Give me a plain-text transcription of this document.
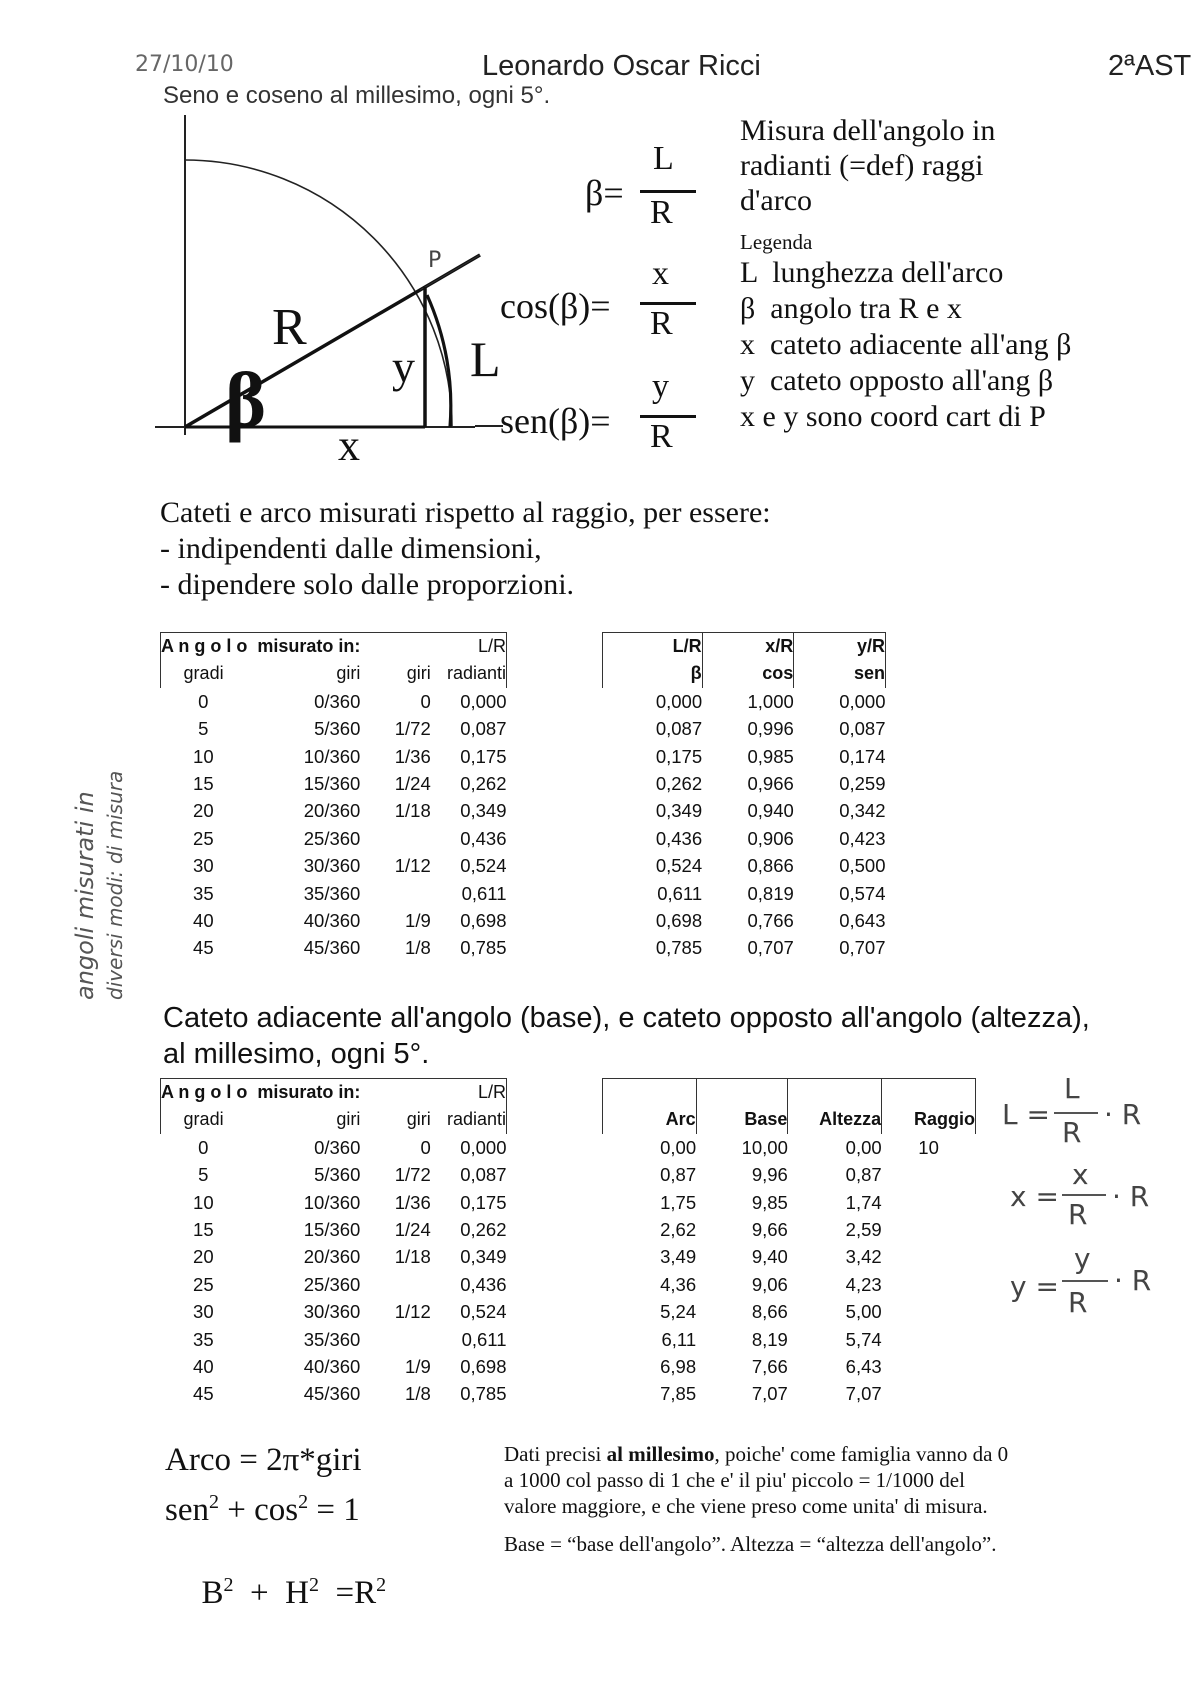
27/10/10	Leonardo Oscar Ricci	2ªAST
Seno e coseno al millesimo, ogni 5°.
R
β
x
y L
P
β=
L
R
cos(β)=
x
R
sen(β)=
y
R
Misura dell'angolo in
radianti (=def) raggi
d'arco
Legenda
L  lunghezza dell'arco
β  angolo tra R e x
x  cateto adiacente all'ang β
y  cateto opposto all'ang β
x e y sono coord cart di P
Cateti e arco misurati rispetto al raggio, per essere:
- indipendenti dalle dimensioni,
- dipendere solo dalle proporzioni.
angoli misurati in diversi modi: di misura
A n g o l o misurato in:			L/R
gradi	giri	giri	radianti
0	0/360	0	0,000
5	5/360	1/72	0,087
10	10/360	1/36	0,175
15	15/360	1/24	0,262
20	20/360	1/18	0,349
25	25/360		0,436
30	30/360	1/12	0,524
35	35/360		0,611
40	40/360	1/9	0,698
45	45/360	1/8	0,785
L/R	x/R	y/R
β	cos	sen
0,000	1,000	0,000
0,087	0,996	0,087
0,175	0,985	0,174
0,262	0,966	0,259
0,349	0,940	0,342
0,436	0,906	0,423
0,524	0,866	0,500
0,611	0,819	0,574
0,698	0,766	0,643
0,785	0,707	0,707
Cateto adiacente all'angolo (base), e cateto opposto all'angolo (altezza),
al millesimo, ogni 5°.
A n g o l o misurato in:			L/R
gradi	giri	giri	radianti
0	0/360	0	0,000
5	5/360	1/72	0,087
10	10/360	1/36	0,175
15	15/360	1/24	0,262
20	20/360	1/18	0,349
25	25/360		0,436
30	30/360	1/12	0,524
35	35/360		0,611
40	40/360	1/9	0,698
45	45/360	1/8	0,785

Arc	Base	Altezza	Raggio
0,00	10,00	0,00	10
0,87	9,96	0,87	
1,75	9,85	1,74	
2,62	9,66	2,59	
3,49	9,40	3,42	
4,36	9,06	4,23	
5,24	8,66	5,00	
6,11	8,19	5,74	
6,98	7,66	6,43	
7,85	7,07	7,07	
L =
L
R
· R
x =
x
R
· R
y =
y
R
· R
Arco = 2π*giri
$sen^2 + \cos^2 = 1$

$B^2 + H^2 =R^2$

Dati precisi al millesimo, poiche' come famiglia vanno da 0
a 1000 col passo di 1 che e' il piu' piccolo = 1/1000 del
valore maggiore, e che viene preso come unita' di misura.
Base = “base dell'angolo”. Altezza = “altezza dell'angolo”.
